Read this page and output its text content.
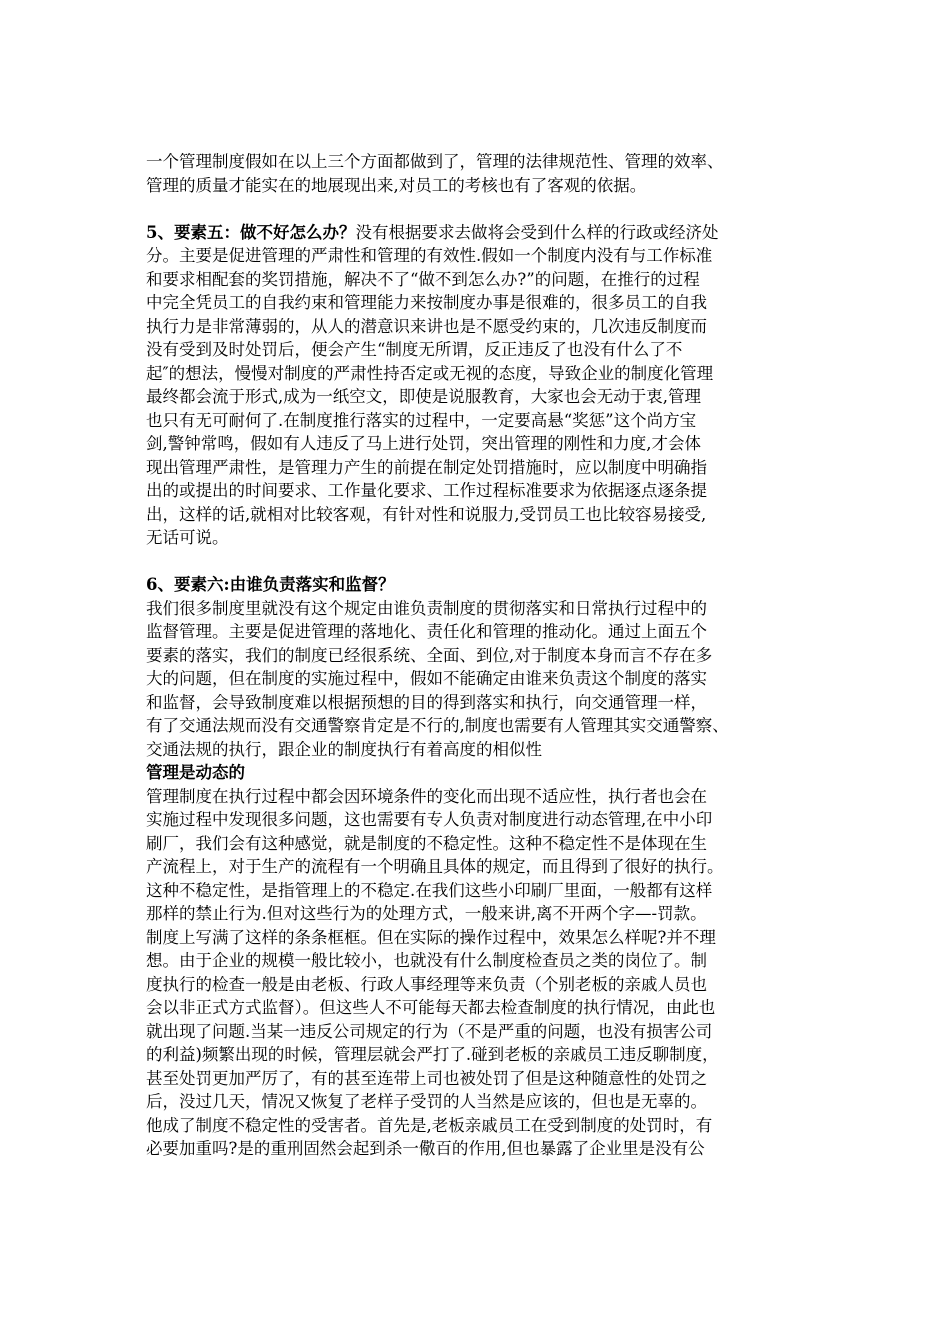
一个管理制度假如在以上三个方面都做到了，管理的法律规范性、管理的效率、
管理的质量才能实在的地展现出来,对员工的考核也有了客观的依据。
5、要素五：做不好怎么办？没有根据要求去做将会受到什么样的行政或经济处
分。主要是促进管理的严肃性和管理的有效性.假如一个制度内没有与工作标准
和要求相配套的奖罚措施，解决不了“做不到怎么办?”的问题，在推行的过程
中完全凭员工的自我约束和管理能力来按制度办事是很难的，很多员工的自我
执行力是非常薄弱的，从人的潜意识来讲也是不愿受约束的，几次违反制度而
没有受到及时处罚后，便会产生“制度无所谓，反正违反了也没有什么了不
起″的想法，慢慢对制度的严肃性持否定或无视的态度，导致企业的制度化管理
最终都会流于形式,成为一纸空文，即使是说服教育，大家也会无动于衷,管理
也只有无可耐何了.在制度推行落实的过程中，一定要高悬“奖惩”这个尚方宝
剑,警钟常鸣，假如有人违反了马上进行处罚，突出管理的刚性和力度,才会体
现出管理严肃性，是管理力产生的前提在制定处罚措施时，应以制度中明确指
出的或提出的时间要求、工作量化要求、工作过程标准要求为依据逐点逐条提
出，这样的话,就相对比较客观，有针对性和说服力,受罚员工也比较容易接受,
无话可说。
6、要素六:由谁负责落实和监督？
我们很多制度里就没有这个规定由谁负责制度的贯彻落实和日常执行过程中的
监督管理。主要是促进管理的落地化、责任化和管理的推动化。通过上面五个
要素的落实，我们的制度已经很系统、全面、到位,对于制度本身而言不存在多
大的问题，但在制度的实施过程中，假如不能确定由谁来负责这个制度的落实
和监督，会导致制度难以根据预想的目的得到落实和执行，向交通管理一样，
有了交通法规而没有交通警察肯定是不行的,制度也需要有人管理其实交通警察、
交通法规的执行，跟企业的制度执行有着高度的相似性
管理是动态的
管理制度在执行过程中都会因环境条件的变化而出现不适应性，执行者也会在
实施过程中发现很多问题，这也需要有专人负责对制度进行动态管理,在中小印
刷厂，我们会有这种感觉，就是制度的不稳定性。这种不稳定性不是体现在生
产流程上，对于生产的流程有一个明确且具体的规定，而且得到了很好的执行。
这种不稳定性，是指管理上的不稳定.在我们这些小印刷厂里面，一般都有这样
那样的禁止行为.但对这些行为的处理方式，一般来讲,离不开两个字—-罚款。
制度上写满了这样的条条框框。但在实际的操作过程中，效果怎么样呢?并不理
想。由于企业的规模一般比较小，也就没有什么制度检查员之类的岗位了。制
度执行的检查一般是由老板、行政人事经理等来负责（个别老板的亲戚人员也
会以非正式方式监督）。但这些人不可能每天都去检查制度的执行情况，由此也
就出现了问题.当某一违反公司规定的行为（不是严重的问题，也没有损害公司
的利益)频繁出现的时候，管理层就会严打了.碰到老板的亲戚员工违反聊制度，
甚至处罚更加严厉了，有的甚至连带上司也被处罚了但是这种随意性的处罚之
后，没过几天，情况又恢复了老样子受罚的人当然是应该的，但也是无辜的。
他成了制度不稳定性的受害者。首先是,老板亲戚员工在受到制度的处罚时，有
必要加重吗?是的重刑固然会起到杀一儆百的作用,但也暴露了企业里是没有公
